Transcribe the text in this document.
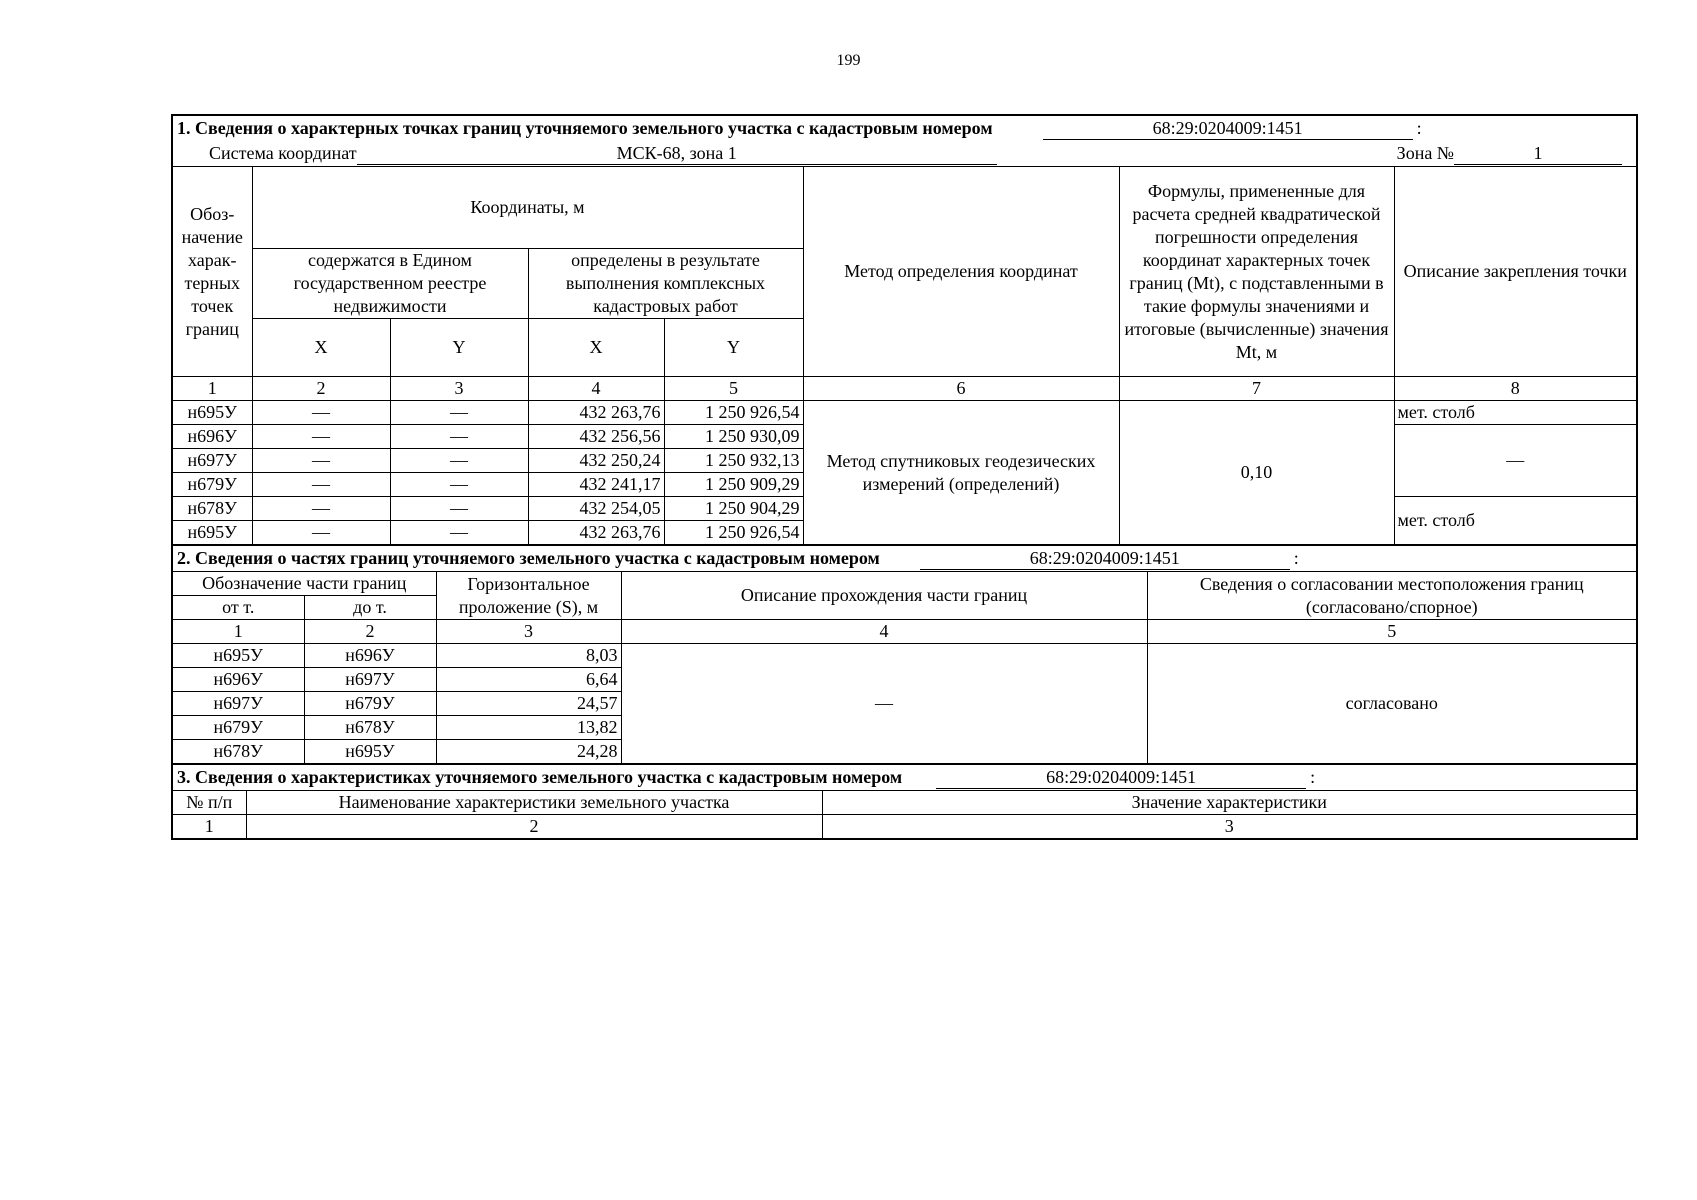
199
1. Сведения о характерных точках границ уточняемого земельного участка с кадастровым номером 68:29:0204009:1451 :							

Система координат МСК-68, зона 1 Зона № 1							

Обоз-начение харак-терных точек границ	Координаты, м				Метод определения координат	Формулы, примененные для расчета средней квадратической погрешности определения координат характерных точек границ (Mt), с подставленными в такие формулы значениями и итоговые (вычисленные) значения Mt, м	Описание закрепления точки
	содержатся в Едином государственном реестре недвижимости		определены в результате выполнения комплексных кадастровых работ				
	X	Y	X	Y			
1	2	3	4	5	6	7	8
н695У	—	—	432 263,76	1 250 926,54	Метод спутниковых геодезических измерений (определений)	0,10	мет. столб
н696У	—	—	432 256,56	1 250 930,09			—
н697У	—	—	432 250,24	1 250 932,13			
н679У	—	—	432 241,17	1 250 909,29			
н678У	—	—	432 254,05	1 250 904,29			мет. столб
н695У	—	—	432 263,76	1 250 926,54			
2. Сведения о частях границ уточняемого земельного участка с кадастровым номером 68:29:0204009:1451 :				

Обозначение части границ		Горизонтальное проложение (S), м	Описание прохождения части границ	Сведения о согласовании местоположения границ (согласовано/спорное)
от т.	до т.			
1	2	3	4	5
н695У	н696У	8,03	—	согласовано
н696У	н697У	6,64		
н697У	н679У	24,57		
н679У	н678У	13,82		
н678У	н695У	24,28		
3. Сведения о характеристиках уточняемого земельного участка с кадастровым номером 68:29:0204009:1451 :		

№ п/п	Наименование характеристики земельного участка	Значение характеристики
1	2	3
